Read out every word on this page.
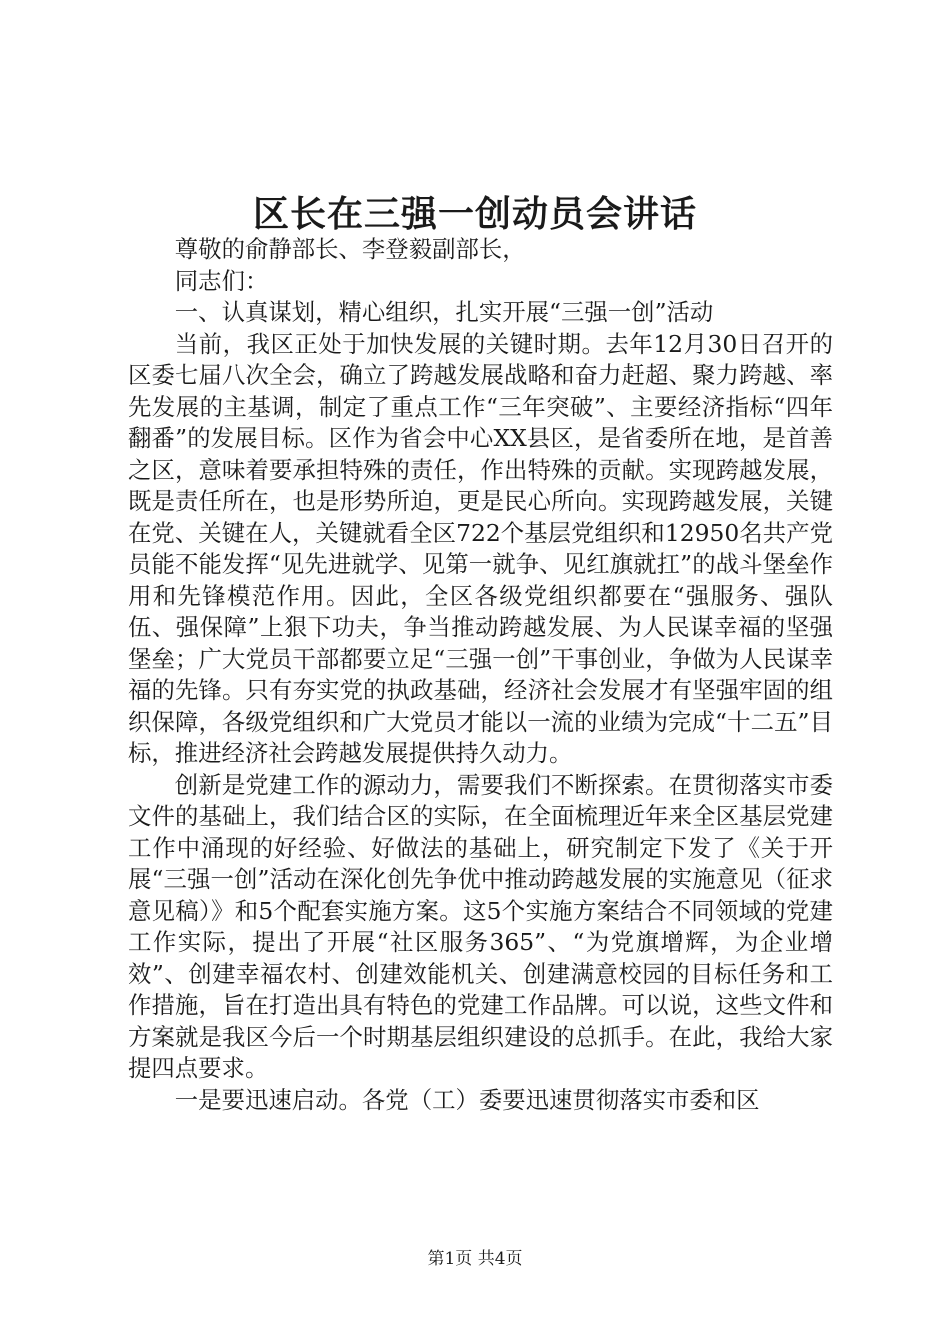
区长在三强一创动员会讲话

尊敬的俞静部长、李登毅副部长，

同志们：

一、认真谋划，精心组织，扎实开展“三强一创”活动

当前，我区正处于加快发展的关键时期。去年12月30日召开的区委七届八次全会，确立了跨越发展战略和奋力赶超、聚力跨越、率先发展的主基调，制定了重点工作“三年突破”、主要经济指标“四年翻番”的发展目标。区作为省会中心XX县区，是省委所在地，是首善之区，意味着要承担特殊的责任，作出特殊的贡献。实现跨越发展，既是责任所在，也是形势所迫，更是民心所向。实现跨越发展，关键在党、关键在人，关键就看全区722个基层党组织和12950名共产党员能不能发挥“见先进就学、见第一就争、见红旗就扛”的战斗堡垒作用和先锋模范作用。因此，全区各级党组织都要在“强服务、强队伍、强保障”上狠下功夫，争当推动跨越发展、为人民谋幸福的坚强堡垒；广大党员干部都要立足“三强一创”干事创业，争做为人民谋幸福的先锋。只有夯实党的执政基础，经济社会发展才有坚强牢固的组织保障，各级党组织和广大党员才能以一流的业绩为完成“十二五”目标，推进经济社会跨越发展提供持久动力。

创新是党建工作的源动力，需要我们不断探索。在贯彻落实市委文件的基础上，我们结合区的实际，在全面梳理近年来全区基层党建工作中涌现的好经验、好做法的基础上，研究制定下发了《关于开展“三强一创”活动在深化创先争优中推动跨越发展的实施意见（征求意见稿）》和5个配套实施方案。这5个实施方案结合不同领域的党建工作实际，提出了开展“社区服务365”、“为党旗增辉，为企业增效”、创建幸福农村、创建效能机关、创建满意校园的目标任务和工作措施，旨在打造出具有特色的党建工作品牌。可以说，这些文件和方案就是我区今后一个时期基层组织建设的总抓手。在此，我给大家提四点要求。

一是要迅速启动。各党（工）委要迅速贯彻落实市委和区

第1页 共4页
